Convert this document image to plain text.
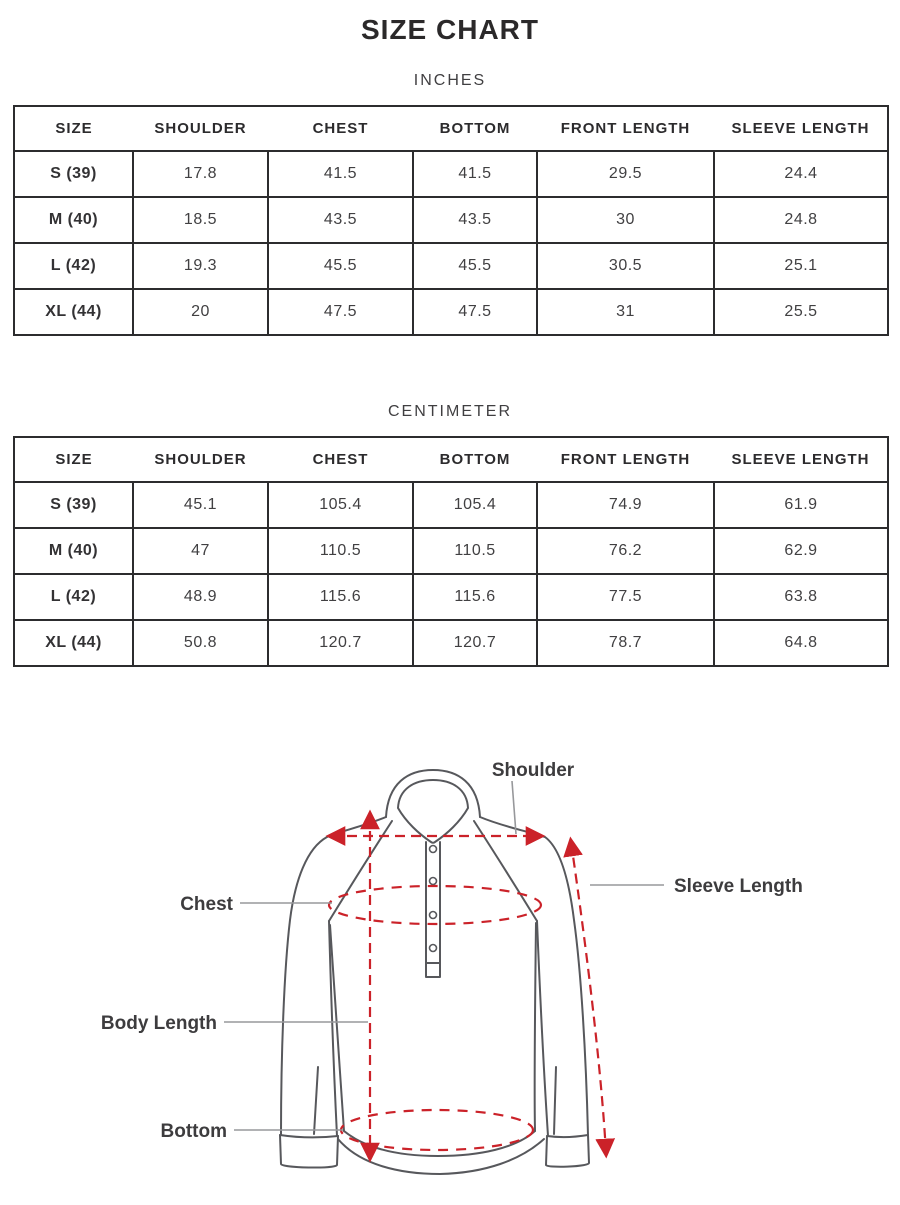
SIZE CHART
INCHES
SIZE	SHOULDER	CHEST	BOTTOM	FRONT LENGTH	SLEEVE LENGTH
S (39)	17.8	41.5	41.5	29.5	24.4
M (40)	18.5	43.5	43.5	30	24.8
L (42)	19.3	45.5	45.5	30.5	25.1
XL (44)	20	47.5	47.5	31	25.5
CENTIMETER
SIZE	SHOULDER	CHEST	BOTTOM	FRONT LENGTH	SLEEVE LENGTH
S (39)	45.1	105.4	105.4	74.9	61.9
M (40)	47	110.5	110.5	76.2	62.9
L (42)	48.9	115.6	115.6	77.5	63.8
XL (44)	50.8	120.7	120.7	78.7	64.8
Shoulder
Sleeve Length
Chest
Body Length
Bottom
